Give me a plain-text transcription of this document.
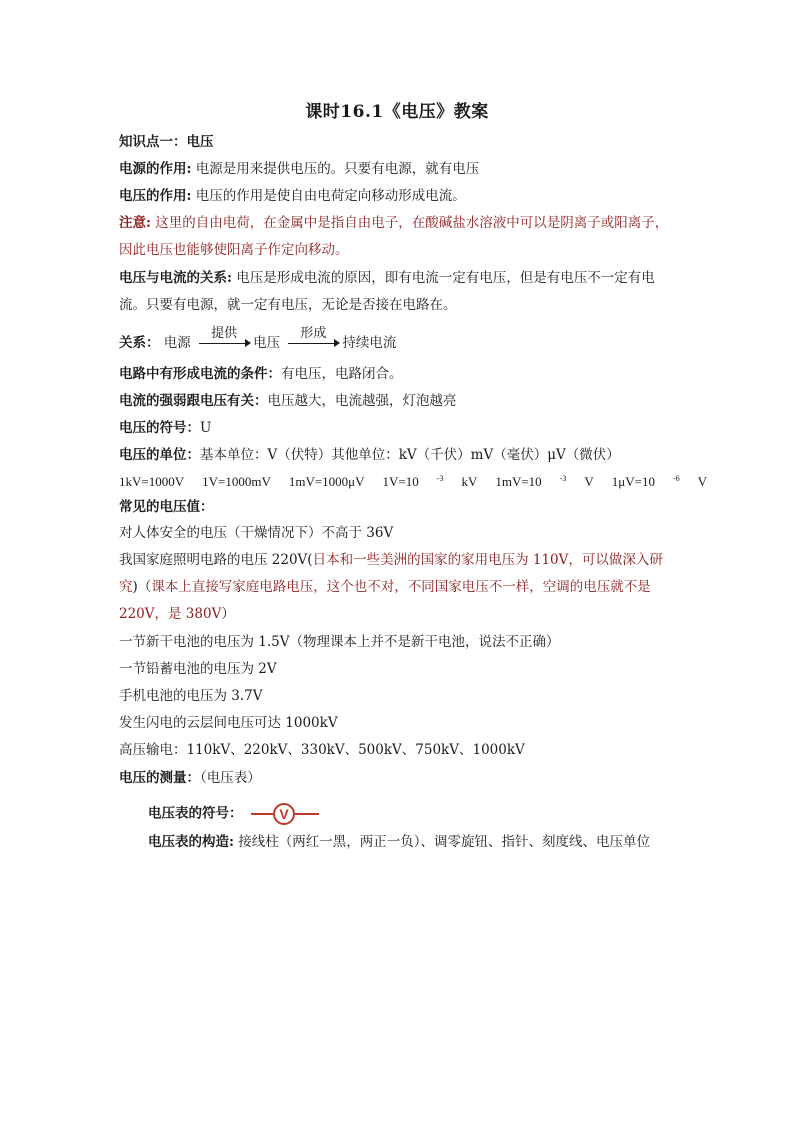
课时16.1《电压》教案
知识点一：电压
电源的作用: 电源是用来提供电压的。只要有电源，就有电压
电压的作用: 电压的作用是使自由电荷定向移动形成电流。
注意: 这里的自由电荷，在金属中是指自由电子，在酸碱盐水溶液中可以是阴离子或阳离子，
因此电压也能够使阳离子作定向移动。
电压与电流的关系: 电压是形成电流的原因，即有电流一定有电压，但是有电压不一定有电
流。只要有电源，就一定有电压，无论是否接在电路在。
关系： 电源
提供
电压
形成
持续电流
电路中有形成电流的条件：有电压，电路闭合。
电流的强弱跟电压有关：电压越大，电流越强，灯泡越亮
电压的符号：U
电压的单位：基本单位：V（伏特）其他单位：kV（千伏）mV（毫伏）μV（微伏）
1kV=1000V 1V=1000mV 1mV=1000μV 1V=10 $^{-3}$ kV 1mV=10 $^{-3}$ V 1μV=10 $^{-6}$ V
常见的电压值：
对人体安全的电压（干燥情况下）不高于 36V
我国家庭照明电路的电压 220V(日本和一些美洲的国家的家用电压为 110V，可以做深入研
究)（课本上直接写家庭电路电压，这个也不对，不同国家电压不一样，空调的电压就不是
220V，是 380V）
一节新干电池的电压为 1.5V（物理课本上并不是新干电池，说法不正确）
一节铅蓄电池的电压为 2V
手机电池的电压为 3.7V
发生闪电的云层间电压可达 1000kV
高压输电：110kV、220kV、330kV、500kV、750kV、1000kV
电压的测量：（电压表）
电压表的符号：	V
电压表的构造: 接线柱（两红一黑，两正一负）、调零旋钮、指针、刻度线、电压单位
